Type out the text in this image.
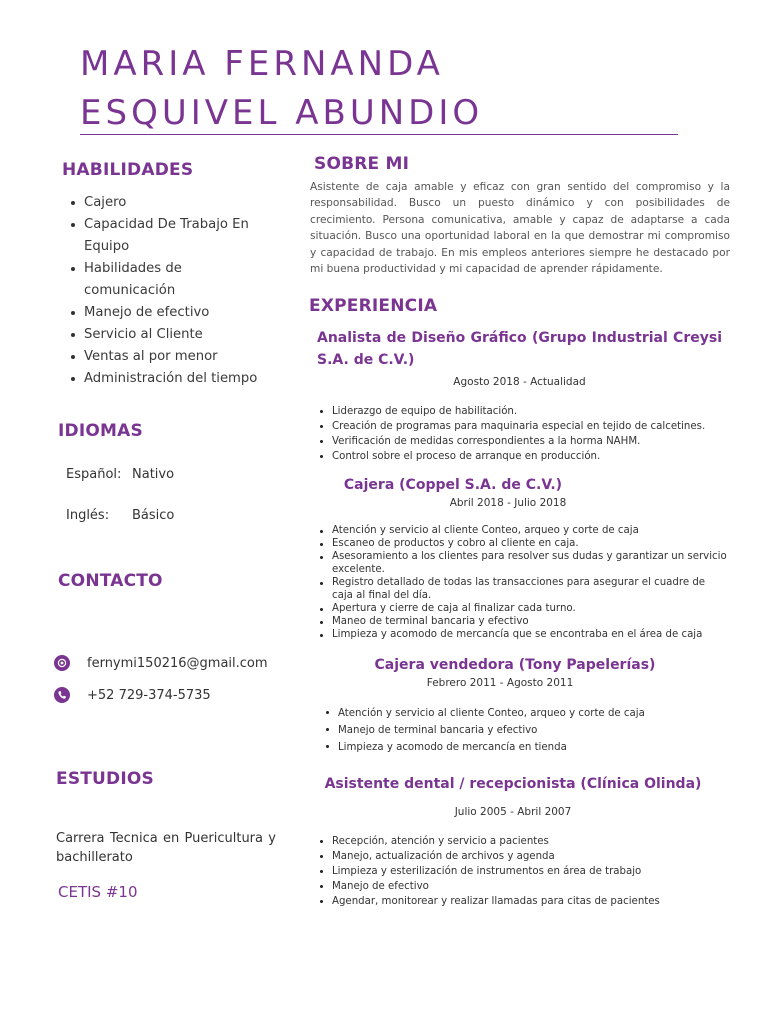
MARIA FERNANDA
ESQUIVEL ABUNDIO
HABILIDADES
Cajero
Capacidad De Trabajo En Equipo
Habilidades de comunicación
Manejo de efectivo
Servicio al Cliente
Ventas al por menor
Administración del tiempo
IDIOMAS
Español: Nativo
Inglés: Básico
CONTACTO
fernymi150216@gmail.com
+52 729-374-5735
ESTUDIOS
Carrera Tecnica en Puericultura y bachillerato
CETIS #10
SOBRE MI
Asistente de caja amable y eficaz con gran sentido del compromiso y la responsabilidad. Busco un puesto dinámico y con posibilidades de crecimiento. Persona comunicativa, amable y capaz de adaptarse a cada situación. Busco una oportunidad laboral en la que demostrar mi compromiso y capacidad de trabajo. En mis empleos anteriores siempre he destacado por mi buena productividad y mi capacidad de aprender rápidamente.
EXPERIENCIA
Analista de Diseño Gráfico (Grupo Industrial Creysi S.A. de C.V.)
Agosto 2018 - Actualidad
Liderazgo de equipo de habilitación.
Creación de programas para maquinaria especial en tejido de calcetines.
Verificación de medidas correspondientes a la horma NAHM.
Control sobre el proceso de arranque en producción.
Cajera (Coppel S.A. de C.V.)
Abril 2018 - Julio 2018
Atención y servicio al cliente Conteo, arqueo y corte de caja
Escaneo de productos y cobro al cliente en caja.
Asesoramiento a los clientes para resolver sus dudas y garantizar un servicio excelente.
Registro detallado de todas las transacciones para asegurar el cuadre de caja al final del día.
Apertura y cierre de caja al finalizar cada turno.
Maneo de terminal bancaria y efectivo
Limpieza y acomodo de mercancía que se encontraba en el área de caja
Cajera vendedora (Tony Papelerías)
Febrero 2011 - Agosto 2011
Atención y servicio al cliente Conteo, arqueo y corte de caja
Manejo de terminal bancaria y efectivo
Limpieza y acomodo de mercancía en tienda
Asistente dental / recepcionista (Clínica Olinda)
Julio 2005 - Abril 2007
Recepción, atención y servicio a pacientes
Manejo, actualización de archivos y agenda
Limpieza y esterilización de instrumentos en área de trabajo
Manejo de efectivo
Agendar, monitorear y realizar llamadas para citas de pacientes
